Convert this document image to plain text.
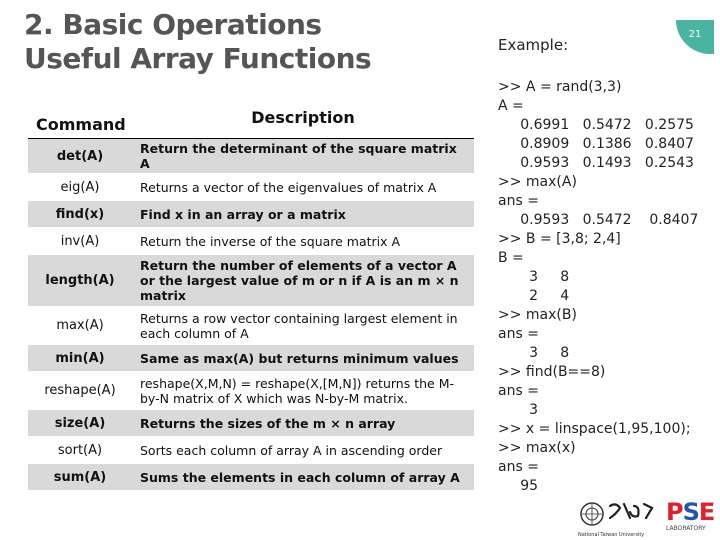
2. Basic Operations
Useful Array Functions
Command	Description
det(A)	Return the determinant of the square matrix A
eig(A)	Returns a vector of the eigenvalues of matrix A
find(x)	Find x in an array or a matrix
inv(A)	Return the inverse of the square matrix A
length(A)	Return the number of elements of a vector A or the largest value of m or n if A is an m × n matrix
max(A)	Returns a row vector containing largest element in each column of A
min(A)	Same as max(A) but returns minimum values
reshape(A)	reshape(X,M,N) = reshape(X,[M,N]) returns the M-by-N matrix of X which was N-by-M matrix.
size(A)	Returns the sizes of the m × n array
sort(A)	Sorts each column of array A in ascending order
sum(A)	Sums the elements in each column of array A
21
Example:
>> A = rand(3,3)
A =
0.6991   0.5472   0.2575
0.8909   0.1386   0.8407
0.9593   0.1493   0.2543
>> max(A)
ans =
0.9593   0.5472    0.8407
>> B = [3,8; 2,4]
B =
3     8
2     4
>> max(B)
ans =
3     8
>> find(B==8)
ans =
3
>> x = linspace(1,95,100);
>> max(x)
ans =
95
National Taiwan University
PSE
LABORATORY
